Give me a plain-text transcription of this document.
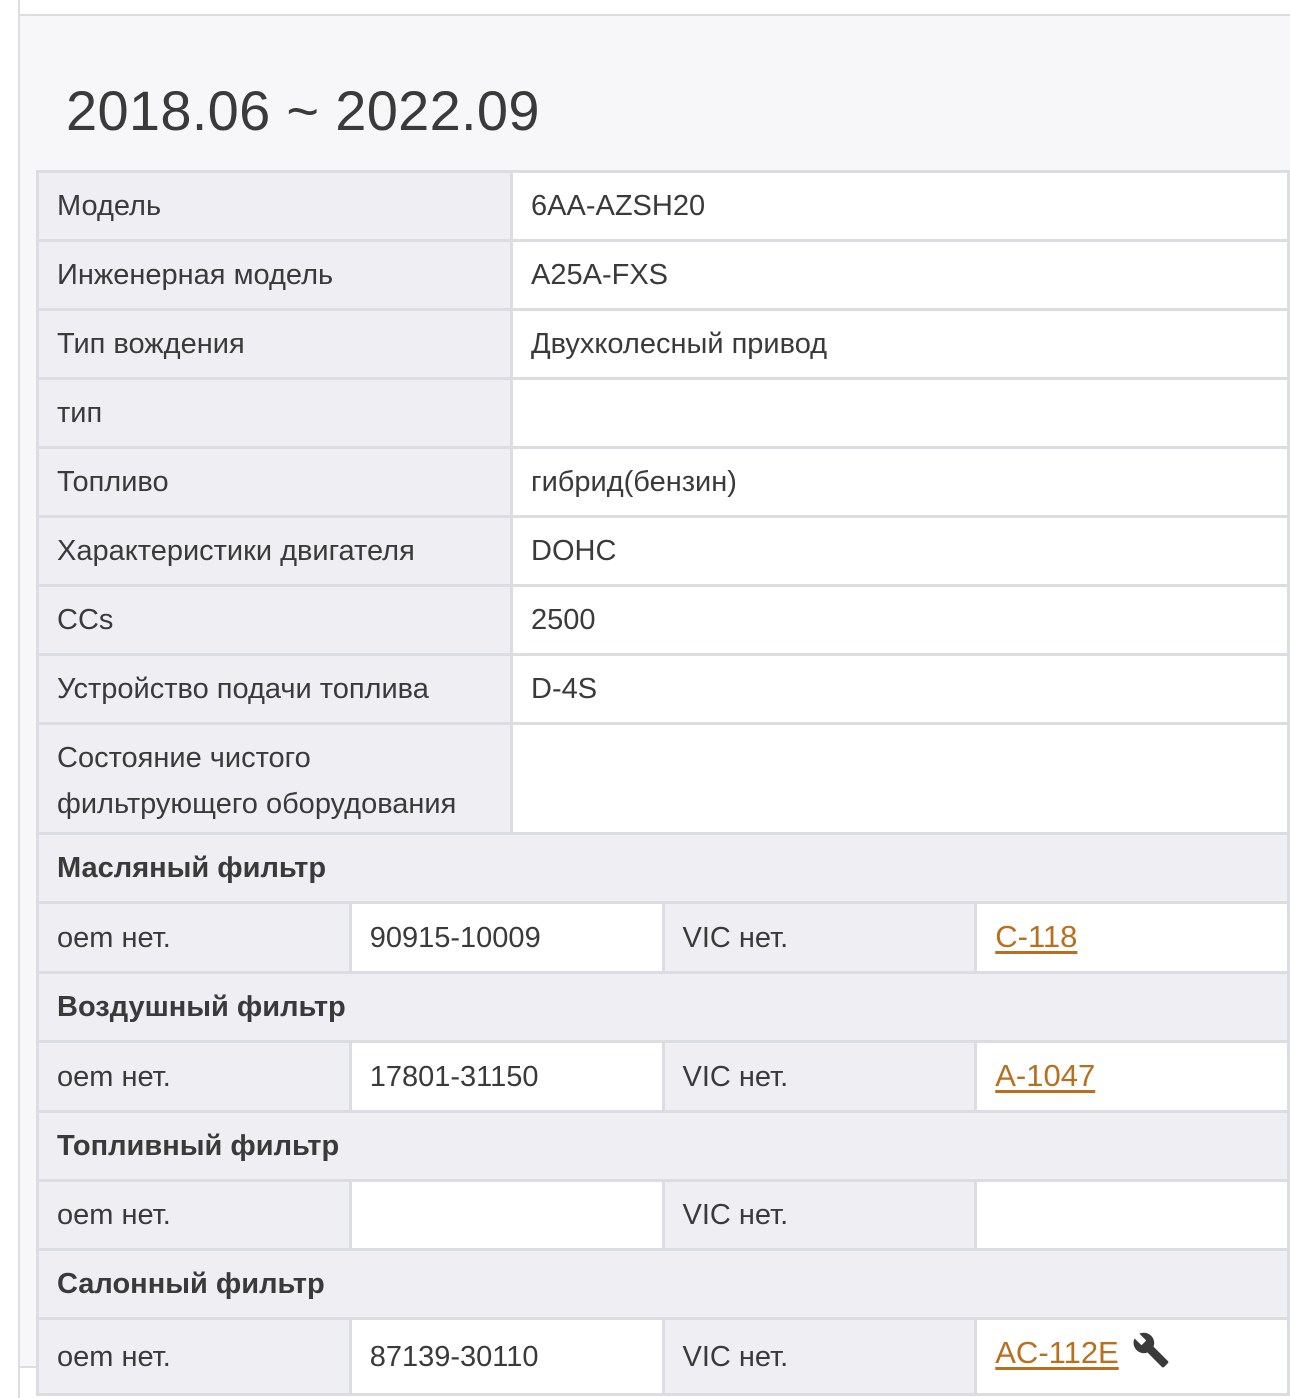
2018.06 ~ 2022.09
Модель	6AA-AZSH20
Инженерная модель	A25A-FXS
Тип вождения	Двухколесный привод
тип	
Топливо	гибрид(бензин)
Характеристики двигателя	DOHC
CCs	2500
Устройство подачи топлива	D-4S
Состояние чистого фильтрующего оборудования	
Масляный фильтр			
oem нет.	90915-10009	VIC нет.	C-118
Воздушный фильтр			
oem нет.	17801-31150	VIC нет.	A-1047
Топливный фильтр			
oem нет.		VIC нет.	
Салонный фильтр			
oem нет.	87139-30110	VIC нет.	AC-112E
